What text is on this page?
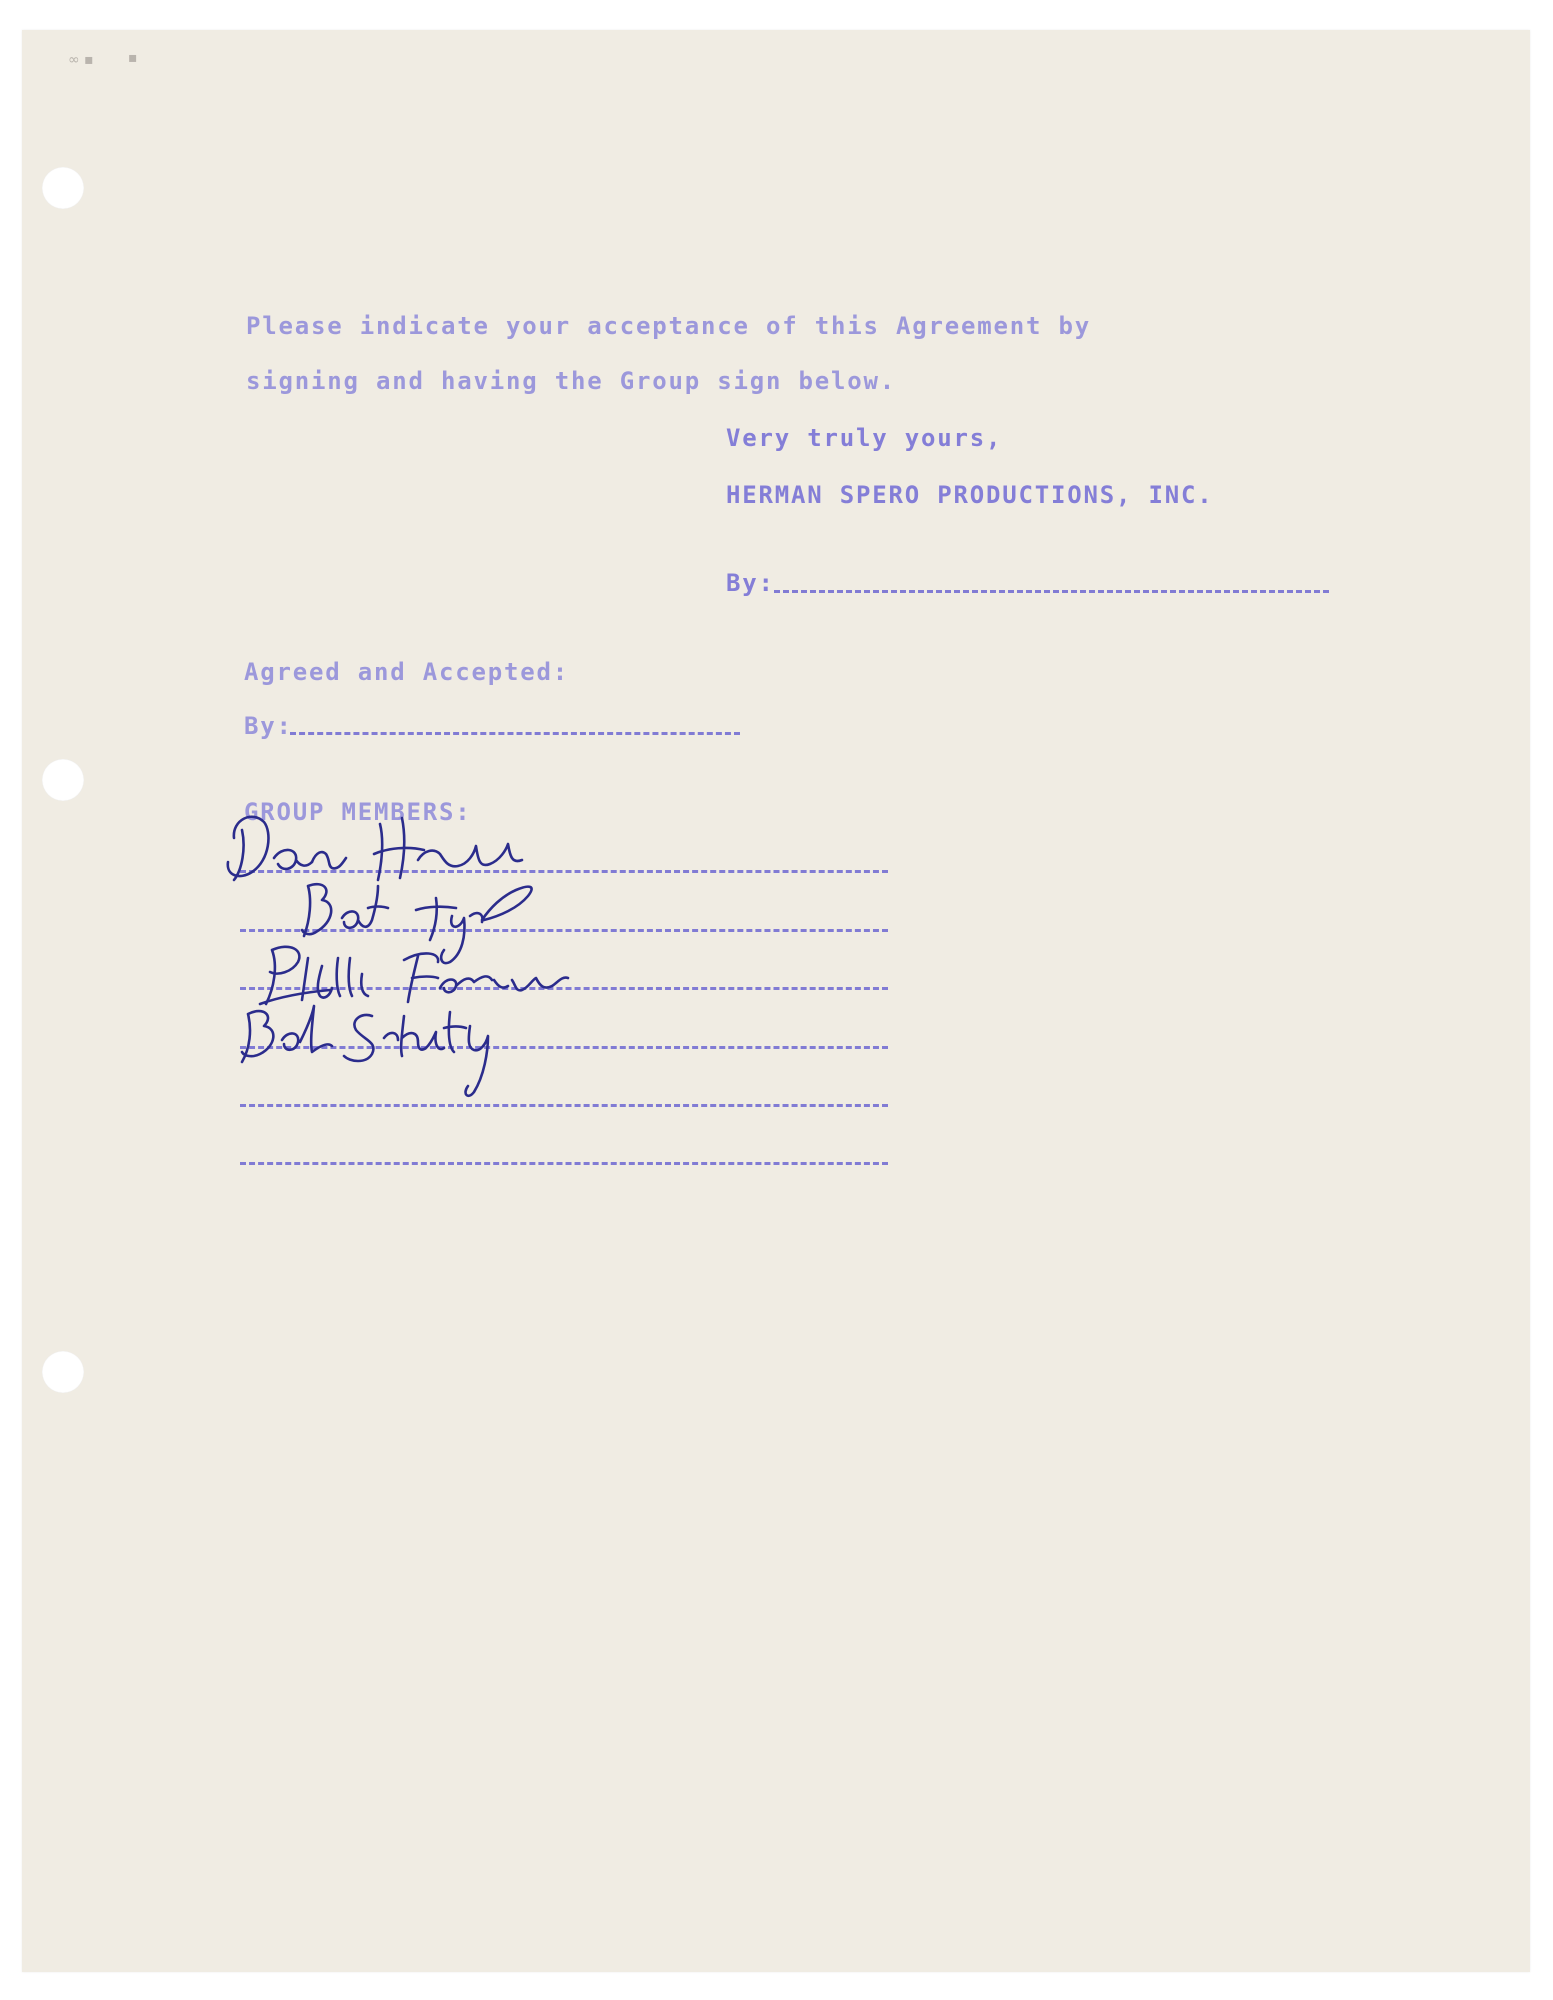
∞ ▪ ▪
Please indicate your acceptance of this Agreement by
signing and having the Group sign below.
Very truly yours,
HERMAN SPERO PRODUCTIONS, INC.
By:
Agreed and Accepted:
By:
GROUP MEMBERS:
